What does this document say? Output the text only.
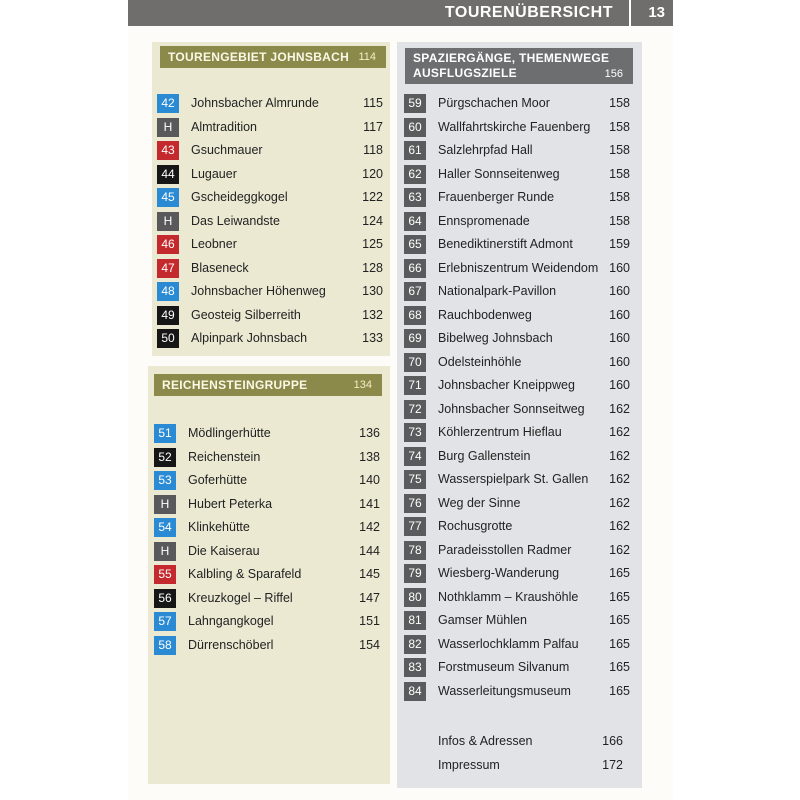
TOURENÜBERSICHT 13
TOURENGEBIET JOHNSBACH 114
42	Johnsbacher Almrunde	115
H	Almtradition	117
43	Gsuchmauer	118
44	Lugauer	120
45	Gscheideggkogel	122
H	Das Leiwandste	124
46	Leobner	125
47	Blaseneck	128
48	Johnsbacher Höhenweg	130
49	Geosteig Silberreith	132
50	Alpinpark Johnsbach	133
REICHENSTEINGRUPPE	134
51	Mödlingerhütte	136
52	Reichenstein	138
53	Goferhütte	140
H	Hubert Peterka	141
54	Klinkehütte	142
H	Die Kaiserau	144
55	Kalbling & Sparafeld	145
56	Kreuzkogel – Riffel	147
57	Lahngangkogel	151
58	Dürrenschöberl	154
SPAZIERGÄNGE, THEMENWEGE
AUSFLUGSZIELE	156
59	Pürgschachen Moor	158
60	Wallfahrtskirche Fauenberg 158
61	Salzlehrpfad Hall	158
62	Haller Sonnseitenweg	158
63	Frauenberger Runde	158
64	Ennspromenade	158
65	Benediktinerstift Admont	159
66	Erlebniszentrum Weidendom 160
67	Nationalpark-Pavillon	160
68	Rauchbodenweg	160
69	Bibelweg Johnsbach	160
70	Odelsteinhöhle	160
71	Johnsbacher Kneippweg	160
72	Johnsbacher Sonnseitweg 162
73	Köhlerzentrum Hieflau	162
74	Burg Gallenstein	162
75	Wasserspielpark St. Gallen 162
76	Weg der Sinne	162
77	Rochusgrotte	162
78	Paradeisstollen Radmer	162
79	Wiesberg-Wanderung	165
80	Nothklamm – Kraushöhle 165
81	Gamser Mühlen	165
82	Wasserlochklamm Palfau 165
83	Forstmuseum Silvanum	165
84	Wasserleitungsmuseum	165
Infos & Adressen	166
Impressum	172
